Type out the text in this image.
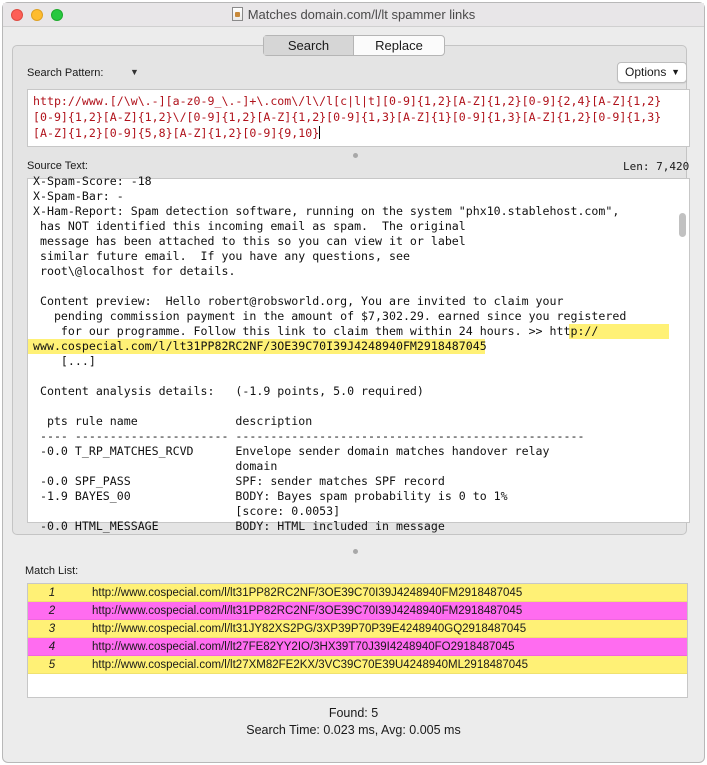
Matches domain.com/l/lt spammer links
Search	Replace
Search Pattern:	▼	Options ▼
http://www.[/\w\.-][a-z0-9_\.-]+\.com\/l\/l[c|l|t][0-9]{1,2}[A-Z]{1,2}[0-9]{2,4}[A-Z]{1,2}
[0-9]{1,2}[A-Z]{1,2}\/[0-9]{1,2}[A-Z]{1,2}[0-9]{1,3}[A-Z]{1}[0-9]{1,3}[A-Z]{1,2}[0-9]{1,3}
[A-Z]{1,2}[0-9]{5,8}[A-Z]{1,2}[0-9]{9,10}
Source Text:	Len: 7,420
X-Spam-Score: -18
X-Spam-Bar: -
X-Ham-Report: Spam detection software, running on the system "phx10.stablehost.com",
has NOT identified this incoming email as spam.  The original
message has been attached to this so you can view it or label
similar future email.  If you have any questions, see
root\@localhost for details.

Content preview:  Hello robert@robsworld.org, You are invited to claim your
pending commission payment in the amount of $7,302.29. earned since you registered
for our programme. Follow this link to claim them within 24 hours. >> http://
www.cospecial.com/l/lt31PP82RC2NF/3OE39C70I39J4248940FM2918487045
[...]

Content analysis details:   (-1.9 points, 5.0 required)

pts rule name              description
---- ---------------------- --------------------------------------------------
-0.0 T_RP_MATCHES_RCVD      Envelope sender domain matches handover relay
domain
-0.0 SPF_PASS               SPF: sender matches SPF record
-1.9 BAYES_00               BODY: Bayes spam probability is 0 to 1%
[score: 0.0053]
-0.0 HTML_MESSAGE           BODY: HTML included in message
Match List:
1	http://www.cospecial.com/l/lt31PP82RC2NF/3OE39C70I39J4248940FM2918487045
2	http://www.cospecial.com/l/lt31PP82RC2NF/3OE39C70I39J4248940FM2918487045
3	http://www.cospecial.com/l/lt31JY82XS2PG/3XP39P70P39E4248940GQ2918487045
4	http://www.cospecial.com/l/lt27FE82YY2IO/3HX39T70J39I4248940FO2918487045
5	http://www.cospecial.com/l/lt27XM82FE2KX/3VC39C70E39U4248940ML2918487045
Found: 5
Search Time: 0.023 ms, Avg: 0.005 ms
